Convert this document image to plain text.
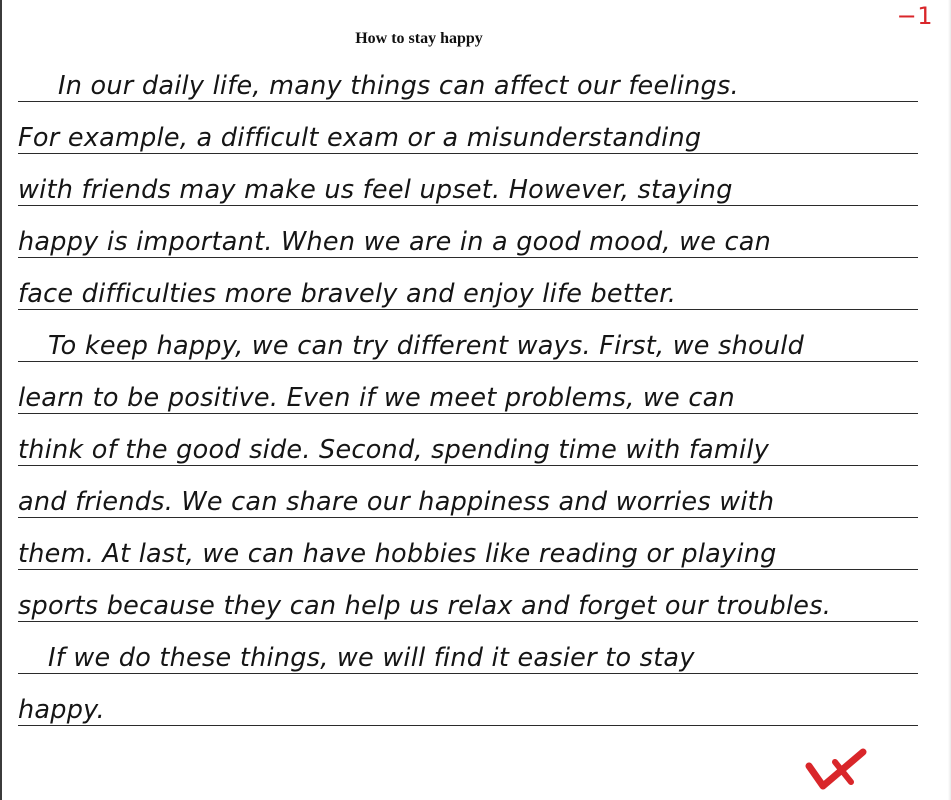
How to stay happy
−1
In our daily life, many things can affect our feelings.
For example, a difficult exam or a misunderstanding
with friends may make us feel upset. However, staying
happy is important. When we are in a good mood, we can
face difficulties more bravely and enjoy life better.
To keep happy, we can try different ways. First, we should
learn to be positive. Even if we meet problems, we can
think of the good side. Second, spending time with family
and friends. We can share our happiness and worries with
them. At last, we can have hobbies like reading or playing
sports because they can help us relax and forget our troubles.
If we do these things, we will find it easier to stay
happy.
